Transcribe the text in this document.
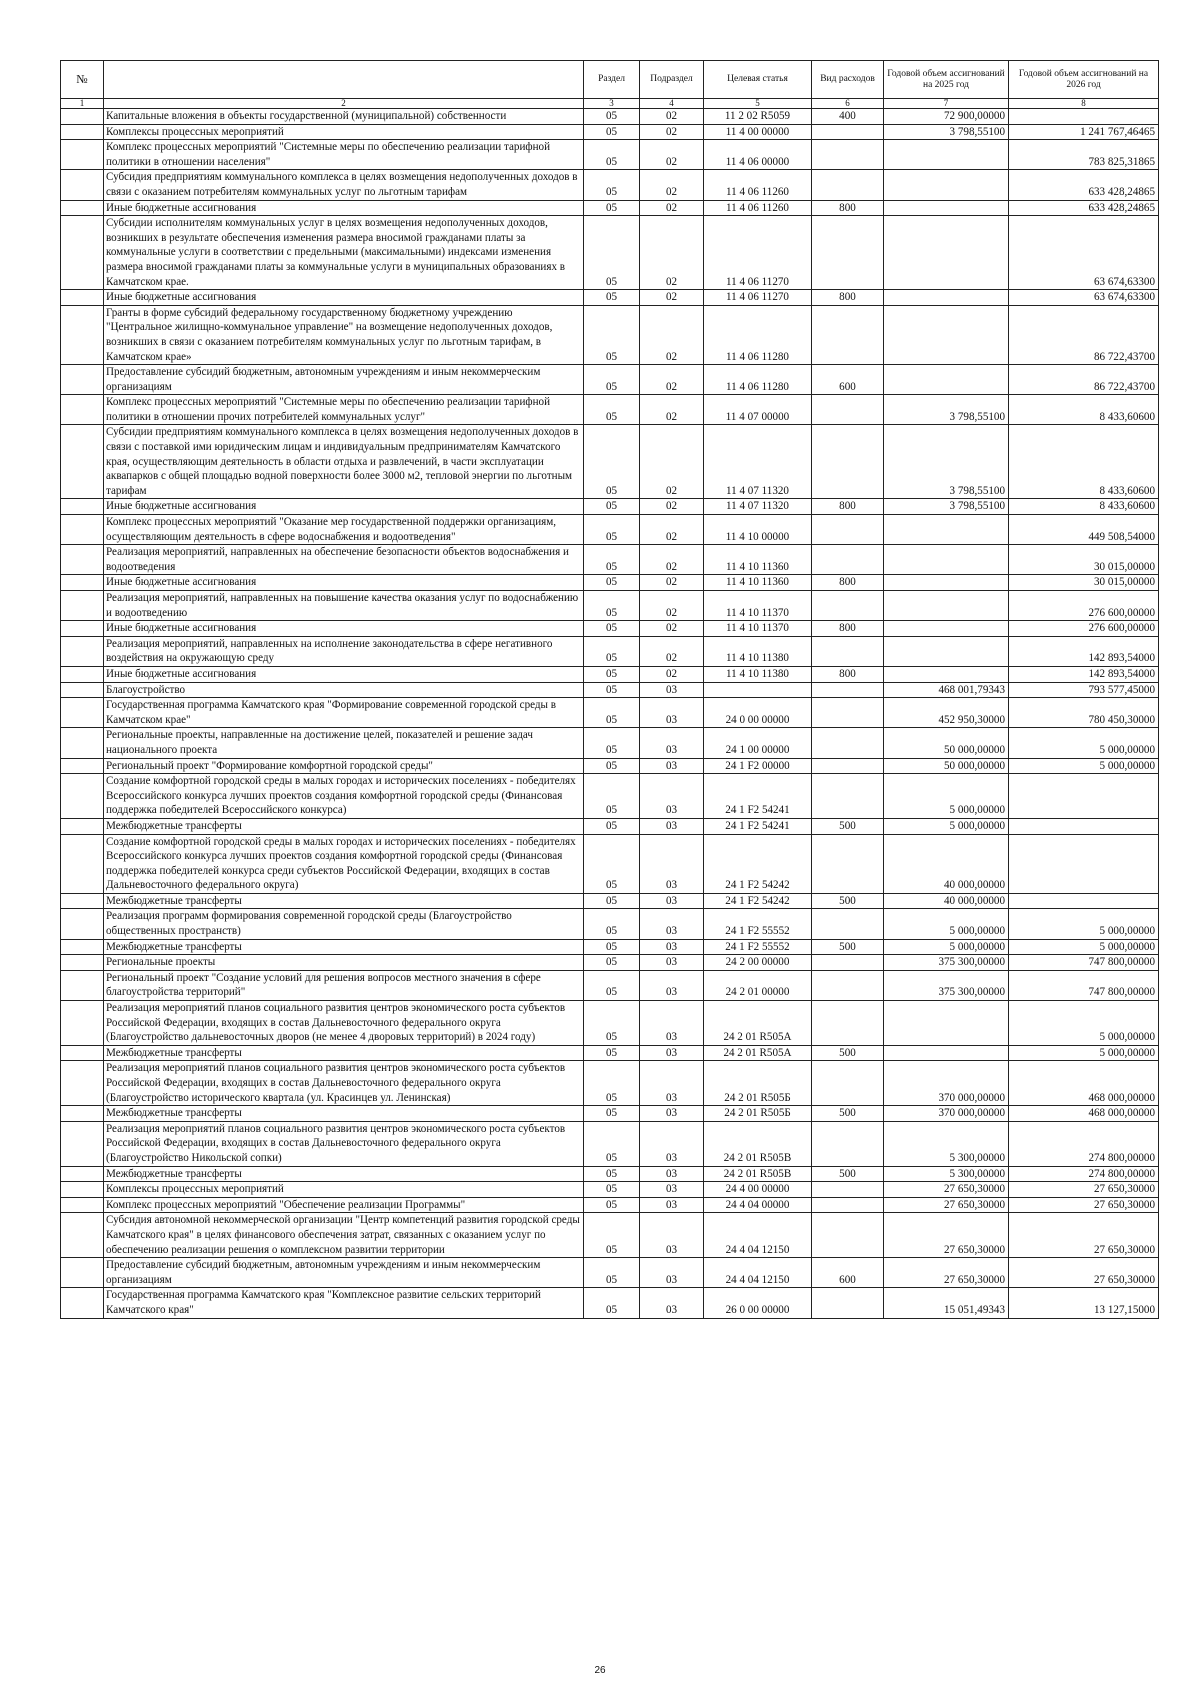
№		Раздел	Подраздел	Целевая статья	Вид расходов	Годовой объем ассигнований на 2025 год	Годовой объем ассигнований на 2026 год
1	2	3	4	5	6	7	8
	Капитальные вложения в объекты государственной (муниципальной) собственности	05	02	11 2 02 R5059	400	72 900,00000	
	Комплексы процессных мероприятий	05	02	11 4 00 00000		3 798,55100	1 241 767,46465
	Комплекс процессных мероприятий "Системные меры по обеспечению реализации тарифной политики в отношении населения"	05	02	11 4 06 00000			783 825,31865
	Субсидия предприятиям коммунального комплекса в целях возмещения недополученных доходов в связи с оказанием потребителям коммунальных услуг по льготным тарифам	05	02	11 4 06 11260			633 428,24865
	Иные бюджетные ассигнования	05	02	11 4 06 11260	800		633 428,24865
	Субсидии исполнителям коммунальных услуг в целях возмещения недополученных доходов, возникших в результате обеспечения изменения размера вносимой гражданами платы за коммунальные услуги в соответствии с предельными (максимальными) индексами изменения размера вносимой гражданами платы за коммунальные услуги в муниципальных образованиях в Камчатском крае.	05	02	11 4 06 11270			63 674,63300
	Иные бюджетные ассигнования	05	02	11 4 06 11270	800		63 674,63300
	Гранты в форме субсидий федеральному государственному бюджетному учреждению "Центральное жилищно-коммунальное управление" на возмещение недополученных доходов, возникших в связи с оказанием потребителям коммунальных услуг по льготным тарифам, в Камчатском крае»	05	02	11 4 06 11280			86 722,43700
	Предоставление субсидий бюджетным, автономным учреждениям и иным некоммерческим организациям	05	02	11 4 06 11280	600		86 722,43700
	Комплекс процессных мероприятий "Системные меры по обеспечению реализации тарифной политики в отношении прочих потребителей коммунальных услуг"	05	02	11 4 07 00000		3 798,55100	8 433,60600
	Субсидии предприятиям коммунального комплекса в целях возмещения недополученных доходов в связи с поставкой ими юридическим лицам и индивидуальным предпринимателям Камчатского края, осуществляющим деятельность в области отдыха и развлечений, в части эксплуатации аквапарков с общей площадью водной поверхности более 3000 м2, тепловой энергии по льготным тарифам	05	02	11 4 07 11320		3 798,55100	8 433,60600
	Иные бюджетные ассигнования	05	02	11 4 07 11320	800	3 798,55100	8 433,60600
	Комплекс процессных мероприятий "Оказание мер государственной поддержки организациям, осуществляющим деятельность в сфере водоснабжения и водоотведения"	05	02	11 4 10 00000			449 508,54000
	Реализация мероприятий, направленных на обеспечение безопасности объектов водоснабжения и водоотведения	05	02	11 4 10 11360			30 015,00000
	Иные бюджетные ассигнования	05	02	11 4 10 11360	800		30 015,00000
	Реализация мероприятий, направленных на повышение качества оказания услуг по водоснабжению и водоотведению	05	02	11 4 10 11370			276 600,00000
	Иные бюджетные ассигнования	05	02	11 4 10 11370	800		276 600,00000
	Реализация мероприятий, направленных на исполнение законодательства в сфере негативного воздействия на окружающую среду	05	02	11 4 10 11380			142 893,54000
	Иные бюджетные ассигнования	05	02	11 4 10 11380	800		142 893,54000
	Благоустройство	05	03			468 001,79343	793 577,45000
	Государственная программа Камчатского края "Формирование современной городской среды в Камчатском крае"	05	03	24 0 00 00000		452 950,30000	780 450,30000
	Региональные проекты, направленные на достижение целей, показателей и решение задач национального проекта	05	03	24 1 00 00000		50 000,00000	5 000,00000
	Региональный проект "Формирование комфортной городской среды"	05	03	24 1 F2 00000		50 000,00000	5 000,00000
	Создание комфортной городской среды в малых городах и исторических поселениях - победителях Всероссийского конкурса лучших проектов создания комфортной городской среды (Финансовая поддержка победителей Всероссийского конкурса)	05	03	24 1 F2 54241		5 000,00000	
	Межбюджетные трансферты	05	03	24 1 F2 54241	500	5 000,00000	
	Создание комфортной городской среды в малых городах и исторических поселениях - победителях Всероссийского конкурса лучших проектов создания комфортной городской среды (Финансовая поддержка победителей конкурса среди субъектов Российской Федерации, входящих в состав Дальневосточного федерального округа)	05	03	24 1 F2 54242		40 000,00000	
	Межбюджетные трансферты	05	03	24 1 F2 54242	500	40 000,00000	
	Реализация программ формирования современной городской среды (Благоустройство общественных пространств)	05	03	24 1 F2 55552		5 000,00000	5 000,00000
	Межбюджетные трансферты	05	03	24 1 F2 55552	500	5 000,00000	5 000,00000
	Региональные проекты	05	03	24 2 00 00000		375 300,00000	747 800,00000
	Региональный проект "Создание условий для решения вопросов местного значения в сфере благоустройства территорий"	05	03	24 2 01 00000		375 300,00000	747 800,00000
	Реализация мероприятий планов социального развития центров экономического роста субъектов Российской Федерации, входящих в состав Дальневосточного федерального округа (Благоустройство дальневосточных дворов (не менее 4 дворовых территорий) в 2024 году)	05	03	24 2 01 R505А			5 000,00000
	Межбюджетные трансферты	05	03	24 2 01 R505А	500		5 000,00000
	Реализация мероприятий планов социального развития центров экономического роста субъектов Российской Федерации, входящих в состав Дальневосточного федерального округа (Благоустройство исторического квартала (ул. Красинцев ул. Ленинская)	05	03	24 2 01 R505Б		370 000,00000	468 000,00000
	Межбюджетные трансферты	05	03	24 2 01 R505Б	500	370 000,00000	468 000,00000
	Реализация мероприятий планов социального развития центров экономического роста субъектов Российской Федерации, входящих в состав Дальневосточного федерального округа (Благоустройство Никольской сопки)	05	03	24 2 01 R505В		5 300,00000	274 800,00000
	Межбюджетные трансферты	05	03	24 2 01 R505В	500	5 300,00000	274 800,00000
	Комплексы процессных мероприятий	05	03	24 4 00 00000		27 650,30000	27 650,30000
	Комплекс процессных мероприятий "Обеспечение реализации Программы"	05	03	24 4 04 00000		27 650,30000	27 650,30000
	Субсидия автономной некоммерческой организации "Центр компетенций развития городской среды Камчатского края" в целях финансового обеспечения затрат, связанных с оказанием услуг по обеспечению реализации решения о комплексном развитии территории	05	03	24 4 04 12150		27 650,30000	27 650,30000
	Предоставление субсидий бюджетным, автономным учреждениям и иным некоммерческим организациям	05	03	24 4 04 12150	600	27 650,30000	27 650,30000
	Государственная программа Камчатского края "Комплексное развитие сельских территорий Камчатского края"	05	03	26 0 00 00000		15 051,49343	13 127,15000
26
